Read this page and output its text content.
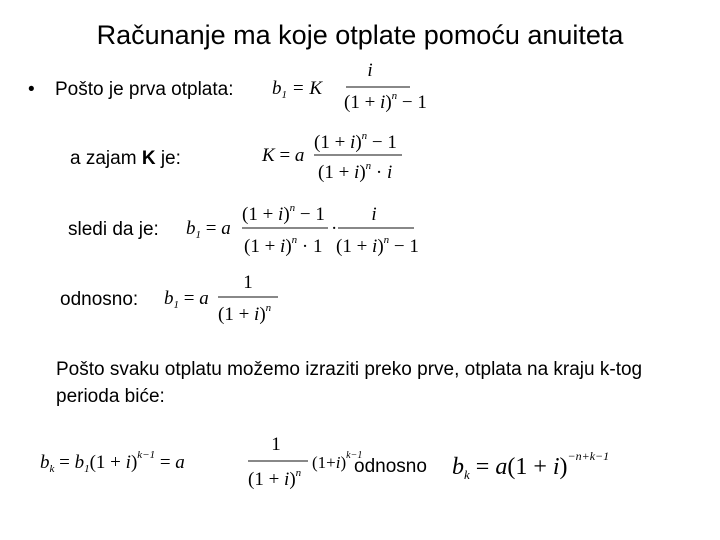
Računanje ma koje otplate pomoću anuiteta
• Pošto je prva otplata:
a zajam K je:
sledi da je:
odnosno:
Pošto svaku otplatu možemo izraziti preko prve, otplata na kraju k-tog perioda biće:
$b_1 = K$
i
$(1 + i)^n - 1$
K = a
$(1 + i)^n - 1$
$(1 + i)^n \cdot i$
$b_1 = a$
$(1 + i)^n - 1$
$(1 + i)^n \cdot 1$
·
i
$(1 + i)^n - 1$
$b_1 = a$
1
$(1 + i)^n$
$b_k = b_1(1 + i)^{k-1} = a$
1
$(1 + i)^n$
$(1+i)^{k-1}$
odnosno $b_k = a(1 + i)^{-n+k-1}$
